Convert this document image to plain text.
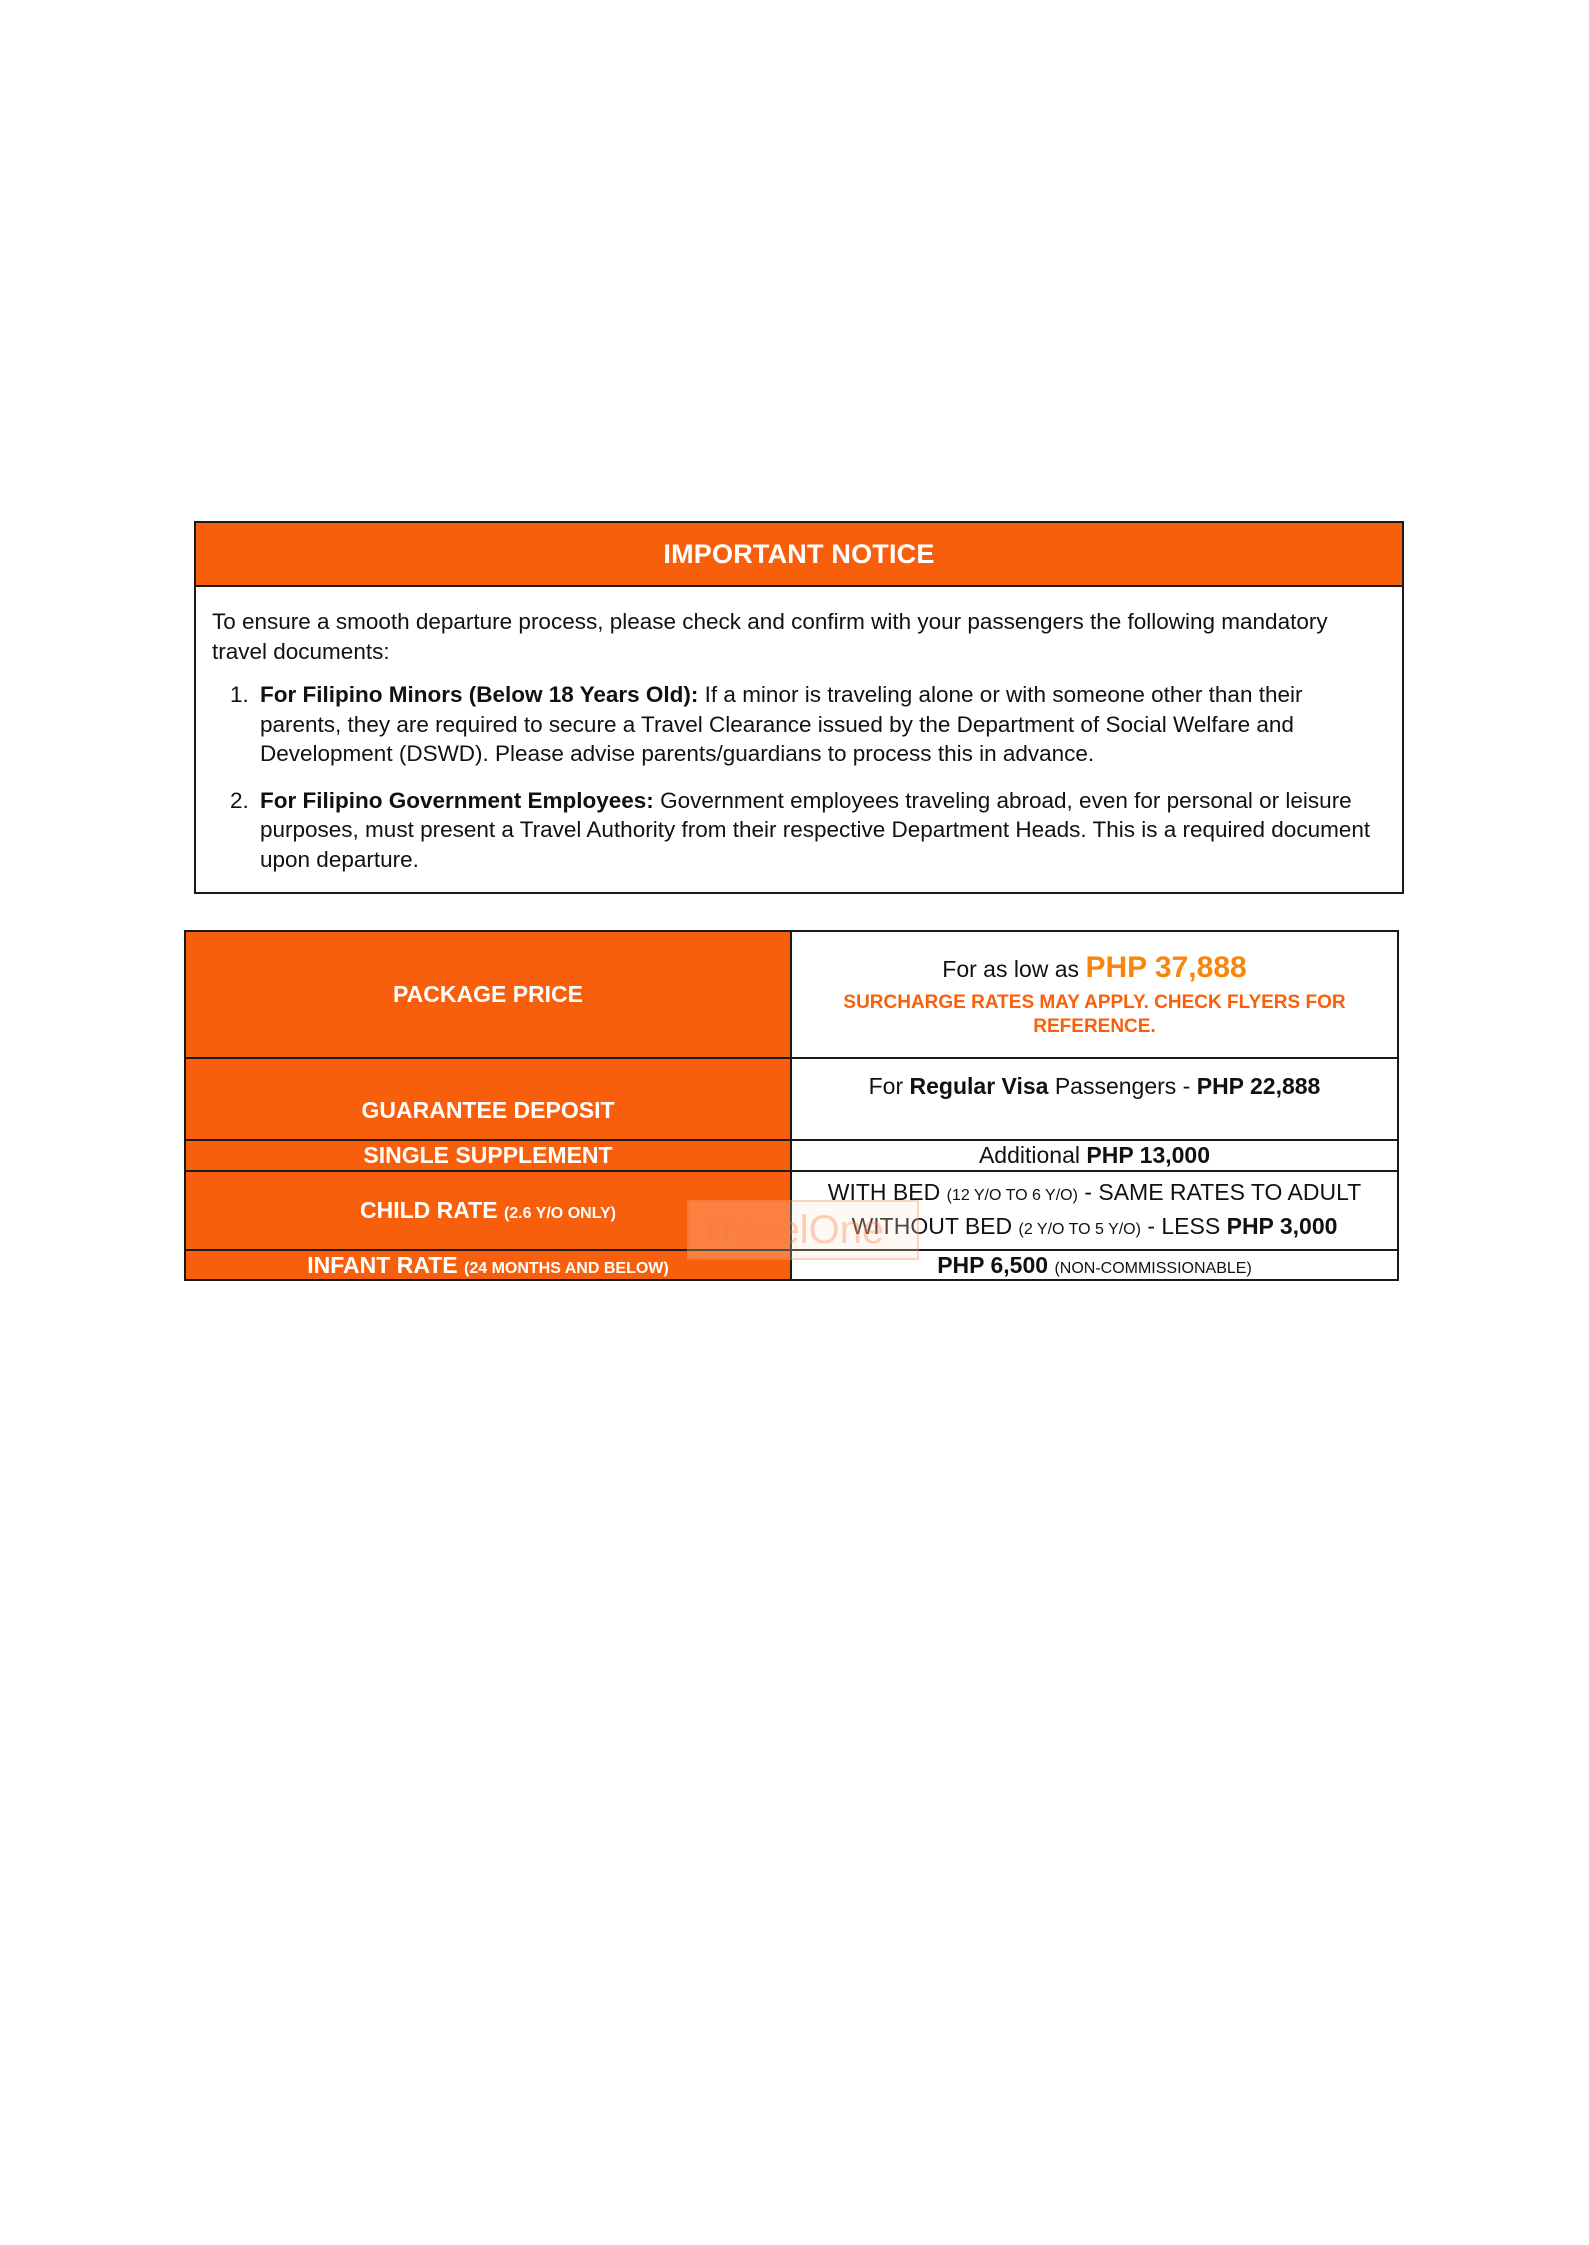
IMPORTANT NOTICE

To ensure a smooth departure process, please check and confirm with your passengers the following mandatory travel documents:

1. For Filipino Minors (Below 18 Years Old): If a minor is traveling alone or with someone other than their parents, they are required to secure a Travel Clearance issued by the Department of Social Welfare and Development (DSWD). Please advise parents/guardians to process this in advance.
2. For Filipino Government Employees: Government employees traveling abroad, even for personal or leisure purposes, must present a Travel Authority from their respective Department Heads. This is a required document upon departure.
PACKAGE PRICE	For as low as PHP 37,888
SURCHARGE RATES MAY APPLY. CHECK FLYERS FOR REFERENCE.

GUARANTEE DEPOSIT	For Regular Visa Passengers - PHP 22,888
SINGLE SUPPLEMENT	Additional PHP 13,000
CHILD RATE (2.6 Y/O ONLY)	WITH BED (12 Y/O TO 6 Y/O) - SAME RATES TO ADULT
WITHOUT BED (2 Y/O TO 5 Y/O) - LESS PHP 3,000

INFANT RATE (24 MONTHS AND BELOW)	PHP 6,500 (NON-COMMISSIONABLE)
TravelOne
